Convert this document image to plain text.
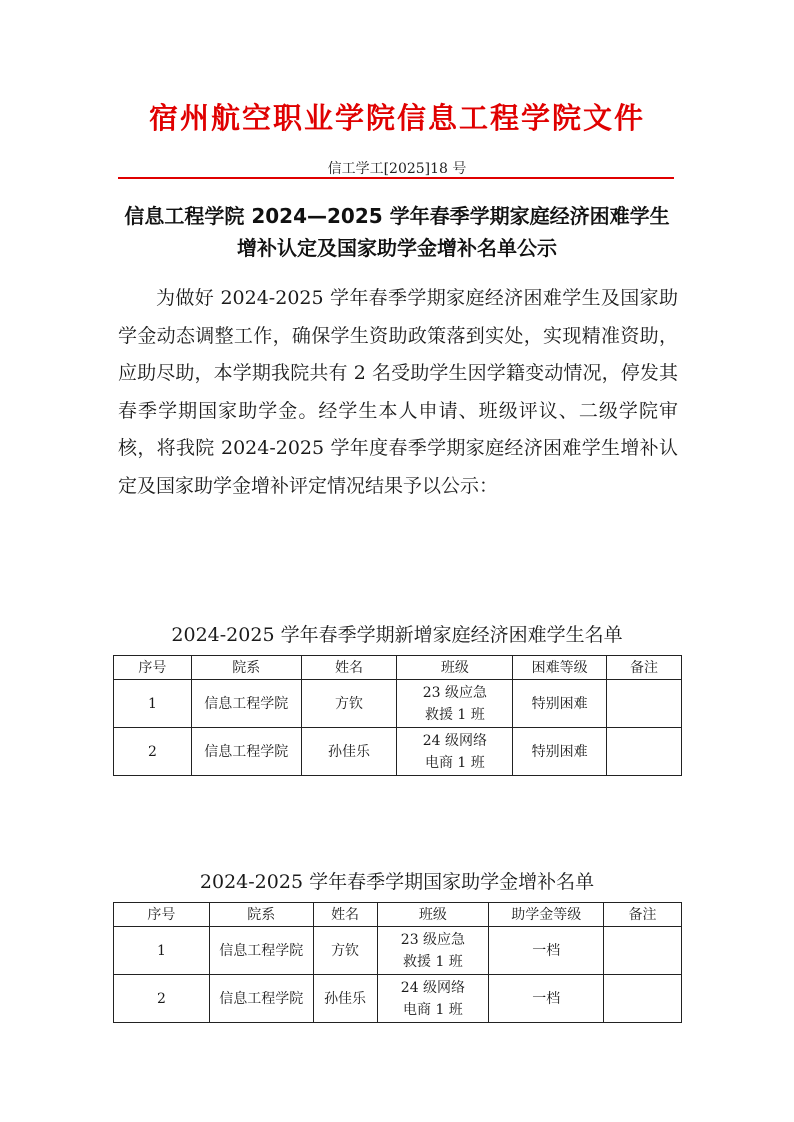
宿州航空职业学院信息工程学院文件
信工学工[2025]18 号
信息工程学院 2024—2025 学年春季学期家庭经济困难学生
增补认定及国家助学金增补名单公示
为做好 2024-2025 学年春季学期家庭经济困难学生及国家助学金动态调整工作，确保学生资助政策落到实处，实现精准资助，应助尽助，本学期我院共有 2 名受助学生因学籍变动情况，停发其春季学期国家助学金。经学生本人申请、班级评议、二级学院审核，将我院 2024-2025 学年度春季学期家庭经济困难学生增补认定及国家助学金增补评定情况结果予以公示：
2024-2025 学年春季学期新增家庭经济困难学生名单
序号	院系	姓名	班级	困难等级	备注
1	信息工程学院	方钦	23 级应急
救援 1 班	特别困难	
2	信息工程学院	孙佳乐	24 级网络
电商 1 班	特别困难	
2024-2025 学年春季学期国家助学金增补名单
序号	院系	姓名	班级	助学金等级	备注
1	信息工程学院	方钦	23 级应急
救援 1 班	一档	
2	信息工程学院	孙佳乐	24 级网络
电商 1 班	一档	
